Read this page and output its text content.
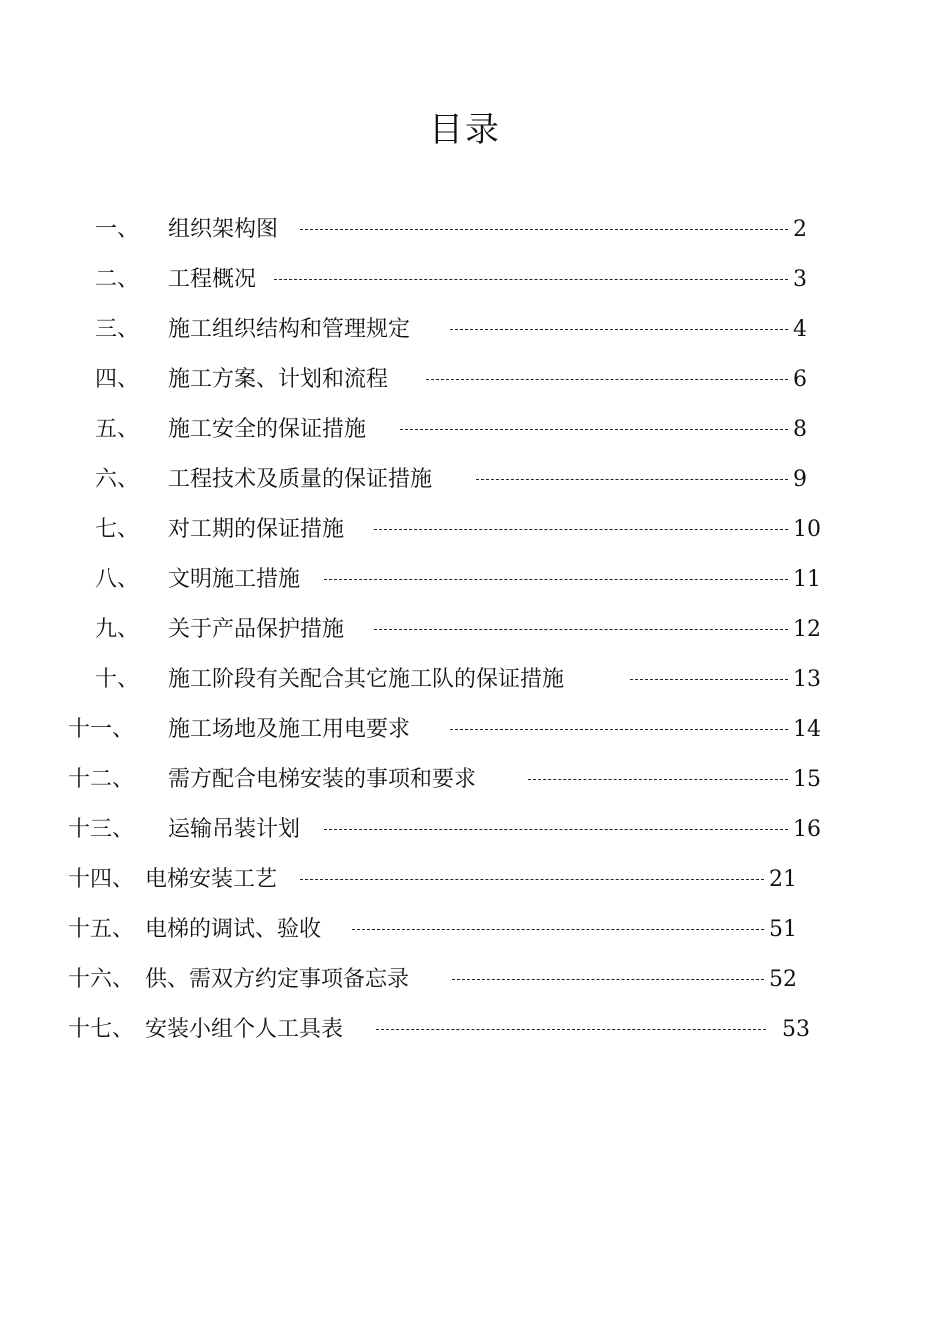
目录
一、 组织架构图	2
二、 工程概况	3
三、 施工组织结构和管理规定	4
四、 施工方案、计划和流程	6
五、 施工安全的保证措施	8
六、 工程技术及质量的保证措施	9
七、 对工期的保证措施	10
八、 文明施工措施	11
九、 关于产品保护措施	12
十、 施工阶段有关配合其它施工队的保证措施	13
十一、 施工场地及施工用电要求	14
十二、 需方配合电梯安装的事项和要求	15
十三、 运输吊装计划	16
十四、 电梯安装工艺	21
十五、 电梯的调试、验收	51
十六、 供、需双方约定事项备忘录	52
十七、 安装小组个人工具表	53
